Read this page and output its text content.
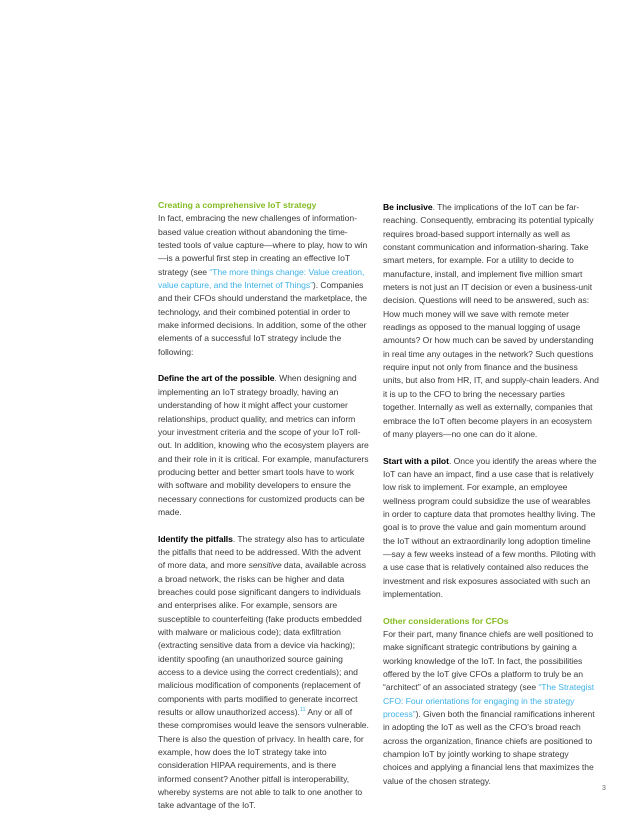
Creating a comprehensive IoT strategy

In fact, embracing the new challenges of information-based value creation without abandoning the time-tested tools of value capture—where to play, how to win—is a powerful first step in creating an effective IoT strategy (see “The more things change: Value creation, value capture, and the Internet of Things”). Companies and their CFOs should understand the marketplace, the technology, and their combined potential in order to make informed decisions. In addition, some of the other elements of a successful IoT strategy include the following:

Define the art of the possible. When designing and implementing an IoT strategy broadly, having an understanding of how it might affect your customer relationships, product quality, and metrics can inform your investment criteria and the scope of your IoT roll-out. In addition, knowing who the ecosystem players are and their role in it is critical. For example, manufacturers producing better and better smart tools have to work with software and mobility developers to ensure the necessary connections for customized products can be made.

Identify the pitfalls. The strategy also has to articulate the pitfalls that need to be addressed. With the advent of more data, and more sensitive data, available across a broad network, the risks can be higher and data breaches could pose significant dangers to individuals and enterprises alike. For example, sensors are susceptible to counterfeiting (fake products embedded with malware or malicious code); data exfiltration (extracting sensitive data from a device via hacking); identity spoofing (an unauthorized source gaining access to a device using the correct credentials); and malicious modification of components (replacement of components with parts modified to generate incorrect results or allow unauthorized access).$^{11}$ Any or all of these compromises would leave the sensors vulnerable. There is also the question of privacy. In health care, for example, how does the IoT strategy take into consideration HIPAA requirements, and is there informed consent? Another pitfall is interoperability, whereby systems are not able to talk to one another to take advantage of the IoT.

Be inclusive. The implications of the IoT can be far-reaching. Consequently, embracing its potential typically requires broad-based support internally as well as constant communication and information-sharing. Take smart meters, for example. For a utility to decide to manufacture, install, and implement five million smart meters is not just an IT decision or even a business-unit decision. Questions will need to be answered, such as: How much money will we save with remote meter readings as opposed to the manual logging of usage amounts? Or how much can be saved by understanding in real time any outages in the network? Such questions require input not only from finance and the business units, but also from HR, IT, and supply-chain leaders. And it is up to the CFO to bring the necessary parties together. Internally as well as externally, companies that embrace the IoT often become players in an ecosystem of many players—no one can do it alone.

Start with a pilot. Once you identify the areas where the IoT can have an impact, find a use case that is relatively low risk to implement. For example, an employee wellness program could subsidize the use of wearables in order to capture data that promotes healthy living. The goal is to prove the value and gain momentum around the IoT without an extraordinarily long adoption timeline—say a few weeks instead of a few months. Piloting with a use case that is relatively contained also reduces the investment and risk exposures associated with such an implementation.

Other considerations for CFOs

For their part, many finance chiefs are well positioned to make significant strategic contributions by gaining a working knowledge of the IoT. In fact, the possibilities offered by the IoT give CFOs a platform to truly be an “architect” of an associated strategy (see “The Strategist CFO: Four orientations for engaging in the strategy process”). Given both the financial ramifications inherent in adopting the IoT as well as the CFO’s broad reach across the organization, finance chiefs are positioned to champion IoT by jointly working to shape strategy choices and applying a financial lens that maximizes the value of the chosen strategy.

3
